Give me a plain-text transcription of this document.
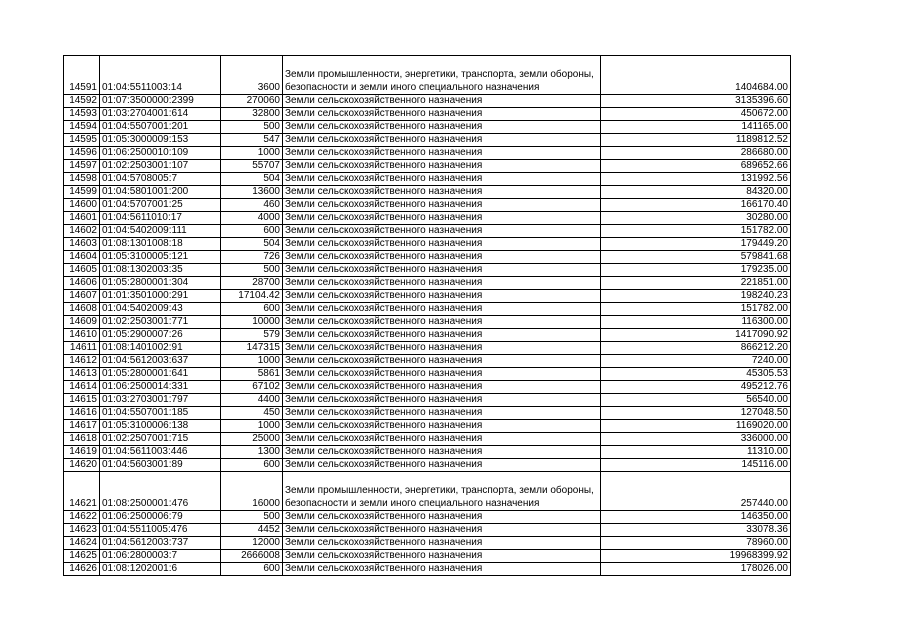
14591	01:04:5511003:14	3600	Земли промышленности, энергетики, транспорта, земли обороны, безопасности и земли иного специального назначения	1404684.00
14592	01:07:3500000:2399	270060	Земли сельскохозяйственного назначения	3135396.60
14593	01:03:2704001:614	32800	Земли сельскохозяйственного назначения	450672.00
14594	01:04:5507001:201	500	Земли сельскохозяйственного назначения	141165.00
14595	01:05:3000009:153	547	Земли сельскохозяйственного назначения	1189812.52
14596	01:06:2500010:109	1000	Земли сельскохозяйственного назначения	286680.00
14597	01:02:2503001:107	55707	Земли сельскохозяйственного назначения	689652.66
14598	01:04:5708005:7	504	Земли сельскохозяйственного назначения	131992.56
14599	01:04:5801001:200	13600	Земли сельскохозяйственного назначения	84320.00
14600	01:04:5707001:25	460	Земли сельскохозяйственного назначения	166170.40
14601	01:04:5611010:17	4000	Земли сельскохозяйственного назначения	30280.00
14602	01:04:5402009:111	600	Земли сельскохозяйственного назначения	151782.00
14603	01:08:1301008:18	504	Земли сельскохозяйственного назначения	179449.20
14604	01:05:3100005:121	726	Земли сельскохозяйственного назначения	579841.68
14605	01:08:1302003:35	500	Земли сельскохозяйственного назначения	179235.00
14606	01:05:2800001:304	28700	Земли сельскохозяйственного назначения	221851.00
14607	01:01:3501000:291	17104.42	Земли сельскохозяйственного назначения	198240.23
14608	01:04:5402009:43	600	Земли сельскохозяйственного назначения	151782.00
14609	01:02:2503001:771	10000	Земли сельскохозяйственного назначения	116300.00
14610	01:05:2900007:26	579	Земли сельскохозяйственного назначения	1417090.92
14611	01:08:1401002:91	147315	Земли сельскохозяйственного назначения	866212.20
14612	01:04:5612003:637	1000	Земли сельскохозяйственного назначения	7240.00
14613	01:05:2800001:641	5861	Земли сельскохозяйственного назначения	45305.53
14614	01:06:2500014:331	67102	Земли сельскохозяйственного назначения	495212.76
14615	01:03:2703001:797	4400	Земли сельскохозяйственного назначения	56540.00
14616	01:04:5507001:185	450	Земли сельскохозяйственного назначения	127048.50
14617	01:05:3100006:138	1000	Земли сельскохозяйственного назначения	1169020.00
14618	01:02:2507001:715	25000	Земли сельскохозяйственного назначения	336000.00
14619	01:04:5611003:446	1300	Земли сельскохозяйственного назначения	11310.00
14620	01:04:5603001:89	600	Земли сельскохозяйственного назначения	145116.00
14621	01:08:2500001:476	16000	Земли промышленности, энергетики, транспорта, земли обороны, безопасности и земли иного специального назначения	257440.00
14622	01:06:2500006:79	500	Земли сельскохозяйственного назначения	146350.00
14623	01:04:5511005:476	4452	Земли сельскохозяйственного назначения	33078.36
14624	01:04:5612003:737	12000	Земли сельскохозяйственного назначения	78960.00
14625	01:06:2800003:7	2666008	Земли сельскохозяйственного назначения	19968399.92
14626	01:08:1202001:6	600	Земли сельскохозяйственного назначения	178026.00
